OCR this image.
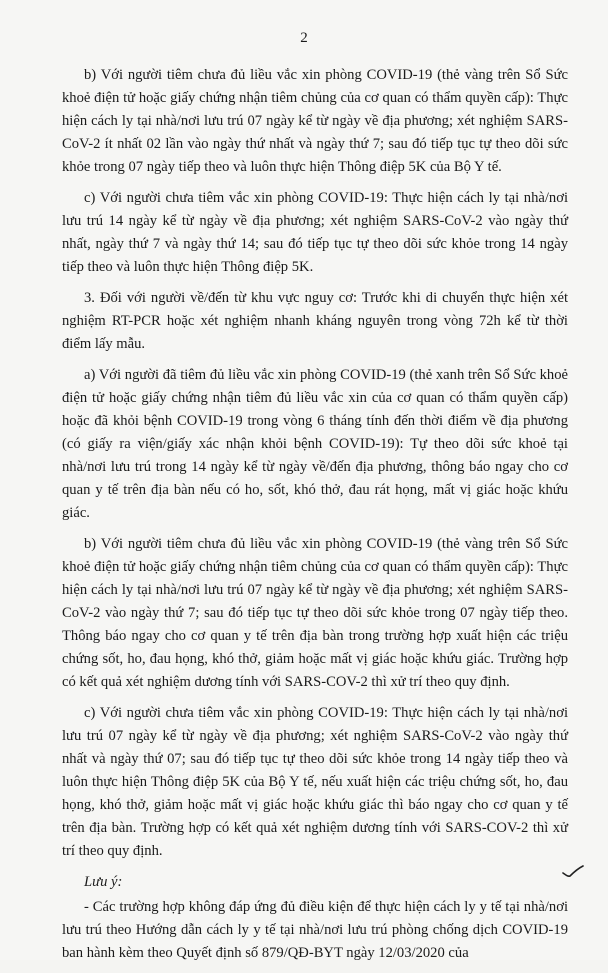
2

b) Với người tiêm chưa đủ liều vắc xin phòng COVID-19 (thẻ vàng trên Sổ Sức khoẻ điện tử hoặc giấy chứng nhận tiêm chủng của cơ quan có thẩm quyền cấp): Thực hiện cách ly tại nhà/nơi lưu trú 07 ngày kể từ ngày về địa phương; xét nghiệm SARS-CoV-2 ít nhất 02 lần vào ngày thứ nhất và ngày thứ 7; sau đó tiếp tục tự theo dõi sức khỏe trong 07 ngày tiếp theo và luôn thực hiện Thông điệp 5K của Bộ Y tế.

c) Với người chưa tiêm vắc xin phòng COVID-19: Thực hiện cách ly tại nhà/nơi lưu trú 14 ngày kể từ ngày về địa phương; xét nghiệm SARS-CoV-2 vào ngày thứ nhất, ngày thứ 7 và ngày thứ 14; sau đó tiếp tục tự theo dõi sức khỏe trong 14 ngày tiếp theo và luôn thực hiện Thông điệp 5K.

3. Đối với người về/đến từ khu vực nguy cơ: Trước khi di chuyển thực hiện xét nghiệm RT-PCR hoặc xét nghiệm nhanh kháng nguyên trong vòng 72h kể từ thời điểm lấy mẫu.

a) Với người đã tiêm đủ liều vắc xin phòng COVID-19 (thẻ xanh trên Sổ Sức khoẻ điện tử hoặc giấy chứng nhận tiêm đủ liều vắc xin của cơ quan có thẩm quyền cấp) hoặc đã khỏi bệnh COVID-19 trong vòng 6 tháng tính đến thời điểm về địa phương (có giấy ra viện/giấy xác nhận khỏi bệnh COVID-19): Tự theo dõi sức khoẻ tại nhà/nơi lưu trú trong 14 ngày kể từ ngày về/đến địa phương, thông báo ngay cho cơ quan y tế trên địa bàn nếu có ho, sốt, khó thở, đau rát họng, mất vị giác hoặc khứu giác.

b) Với người tiêm chưa đủ liều vắc xin phòng COVID-19 (thẻ vàng trên Sổ Sức khoẻ điện tử hoặc giấy chứng nhận tiêm chủng của cơ quan có thẩm quyền cấp): Thực hiện cách ly tại nhà/nơi lưu trú 07 ngày kể từ ngày về địa phương; xét nghiệm SARS-CoV-2 vào ngày thứ 7; sau đó tiếp tục tự theo dõi sức khỏe trong 07 ngày tiếp theo. Thông báo ngay cho cơ quan y tế trên địa bàn trong trường hợp xuất hiện các triệu chứng sốt, ho, đau họng, khó thở, giảm hoặc mất vị giác hoặc khứu giác. Trường hợp có kết quả xét nghiệm dương tính với SARS-COV-2 thì xử trí theo quy định.

c) Với người chưa tiêm vắc xin phòng COVID-19: Thực hiện cách ly tại nhà/nơi lưu trú 07 ngày kể từ ngày về địa phương; xét nghiệm SARS-CoV-2 vào ngày thứ nhất và ngày thứ 07; sau đó tiếp tục tự theo dõi sức khỏe trong 14 ngày tiếp theo và luôn thực hiện Thông điệp 5K của Bộ Y tế, nếu xuất hiện các triệu chứng sốt, ho, đau họng, khó thở, giảm hoặc mất vị giác hoặc khứu giác thì báo ngay cho cơ quan y tế trên địa bàn. Trường hợp có kết quả xét nghiệm dương tính với SARS-COV-2 thì xử trí theo quy định.

Lưu ý:

- Các trường hợp không đáp ứng đủ điều kiện để thực hiện cách ly y tế tại nhà/nơi lưu trú theo Hướng dẫn cách ly y tế tại nhà/nơi lưu trú phòng chống dịch COVID-19 ban hành kèm theo Quyết định số 879/QĐ-BYT ngày 12/03/2020 của
